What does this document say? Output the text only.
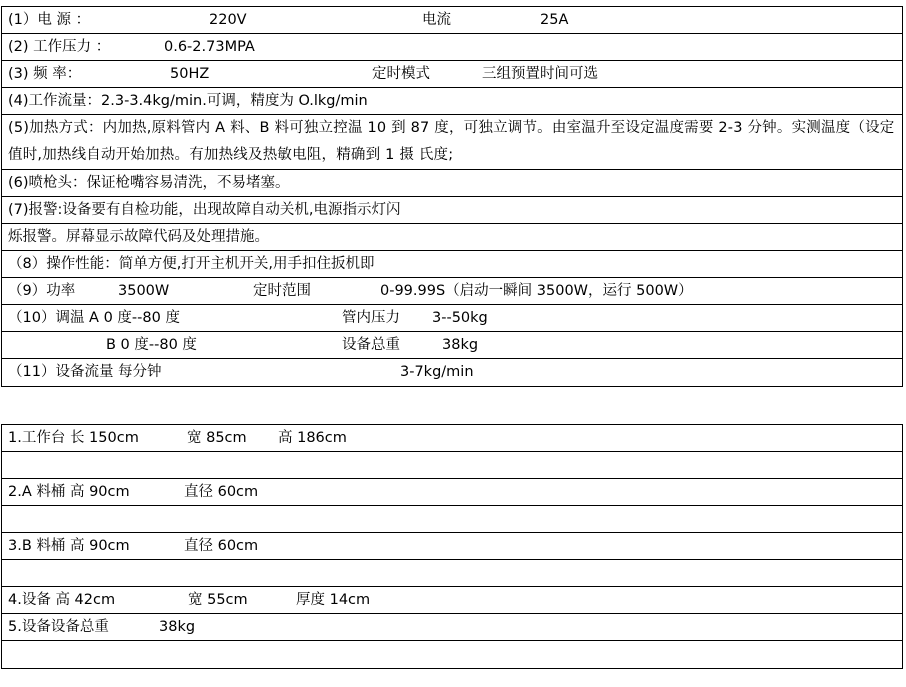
(1）电 源 ：	220V	电流	25A
(2) 工作压力 ：	0.6-2.73MPA
(3) 频 率：	50HZ	定时模式	三组预置时间可选
(4)工作流量：2.3-3.4kg/min.可调，精度为 O.lkg/min
(5)加热方式：内加热,原料管内 A 料、B 料可独立控温 10 到 87 度，可独立调节。由室温升至设定温度需要 2-3 分钟。实测温度（设定值时,加热线自动开始加热。有加热线及热敏电阻，精确到 1 摄 氏度;
(6)喷枪头：保证枪嘴容易清洗，不易堵塞。
(7)报警:设备要有自检功能，出现故障自动关机,电源指示灯闪
烁报警。屏幕显示故障代码及处理措施。
（8）操作性能：简单方便,打开主机开关,用手扣住扳机即
（9）功率	3500W	定时范围	0-99.99S（启动一瞬间 3500W，运行 500W）
（10）调温 A 0 度--80 度	管内压力 3--50kg
B 0 度--80 度	设备总重	38kg
（11）设备流量 每分钟	3-7kg/min
1.工作台 长 150cm	宽 85cm 高 186cm
2.A 料桶 高 90cm	直径 60cm
3.B 料桶 高 90cm	直径 60cm
4.设备 高 42cm	宽 55cm	厚度 14cm
5.设备设备总重	38kg
